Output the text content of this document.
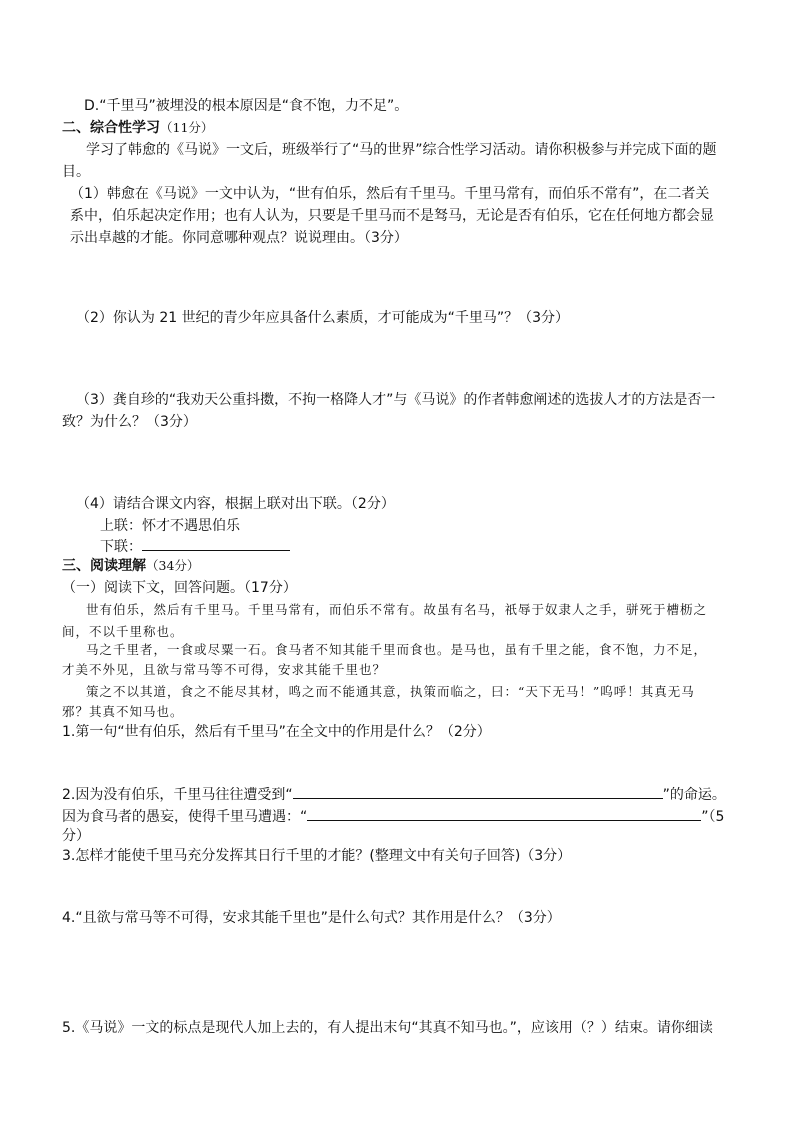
D.“千里马”被埋没的根本原因是“食不饱，力不足”。
二、综合性学习（11分）
学习了韩愈的《马说》一文后，班级举行了“马的世界”综合性学习活动。请你积极参与并完成下面的题
目。
（1）韩愈在《马说》一文中认为，“世有伯乐，然后有千里马。千里马常有，而伯乐不常有”，在二者关
系中，伯乐起决定作用；也有人认为，只要是千里马而不是驽马，无论是否有伯乐，它在任何地方都会显
示出卓越的才能。你同意哪种观点？说说理由。（3分）
（2）你认为 21 世纪的青少年应具备什么素质，才可能成为“千里马”？（3分）
（3）龚自珍的“我劝天公重抖擞，不拘一格降人才”与《马说》的作者韩愈阐述的选拔人才的方法是否一
致？为什么？（3分）
（4）请结合课文内容，根据上联对出下联。（2分）
上联：怀才不遇思伯乐
下联：
三、阅读理解（34分）
（一）阅读下文，回答问题。（17分）
世有伯乐，然后有千里马。千里马常有，而伯乐不常有。故虽有名马，祇辱于奴隶人之手，骈死于槽枥之
间，不以千里称也。
马之千里者，一食或尽粟一石。食马者不知其能千里而食也。是马也，虽有千里之能，食不饱，力不足，
才美不外见，且欲与常马等不可得，安求其能千里也？
策之不以其道，食之不能尽其材，鸣之而不能通其意，执策而临之，曰：“天下无马！”呜呼！其真无马
邪？其真不知马也。
1.第一句“世有伯乐，然后有千里马”在全文中的作用是什么？（2分）
2.因为没有伯乐，千里马往往遭受到“	”的命运。
因为食马者的愚妄，使得千里马遭遇：“	”（5
分）
3.怎样才能使千里马充分发挥其日行千里的才能？(整理文中有关句子回答)（3分）
4.“且欲与常马等不可得，安求其能千里也”是什么句式？其作用是什么？（3分）
5.《马说》一文的标点是现代人加上去的，有人提出末句“其真不知马也。”，应该用（？）结束。请你细读
